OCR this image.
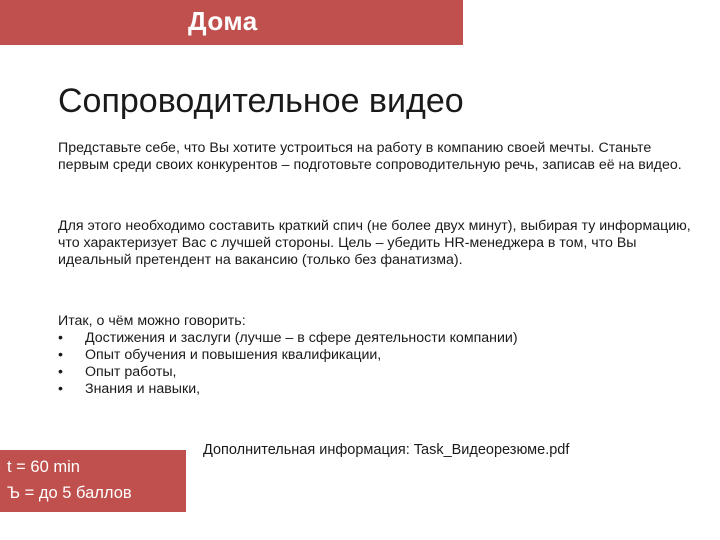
Дома
Сопроводительное видео
Представьте себе, что Вы хотите устроиться на работу в компанию своей мечты. Станьте первым среди своих конкурентов – подготовьте сопроводительную речь, записав её на видео.
Для этого необходимо составить краткий спич (не более двух минут), выбирая ту информацию, что характеризует Вас с лучшей стороны. Цель – убедить HR-менеджера в том, что Вы идеальный претендент на вакансию (только без фанатизма).
Итак, о чём можно говорить:
• Достижения и заслуги (лучше – в сфере деятельности компании)
• Опыт обучения и повышения квалификации,
• Опыт работы,
• Знания и навыки,
t = 60 min
Ъ = до 5 баллов
Дополнительная информация: Task_Видеорезюме.pdf
